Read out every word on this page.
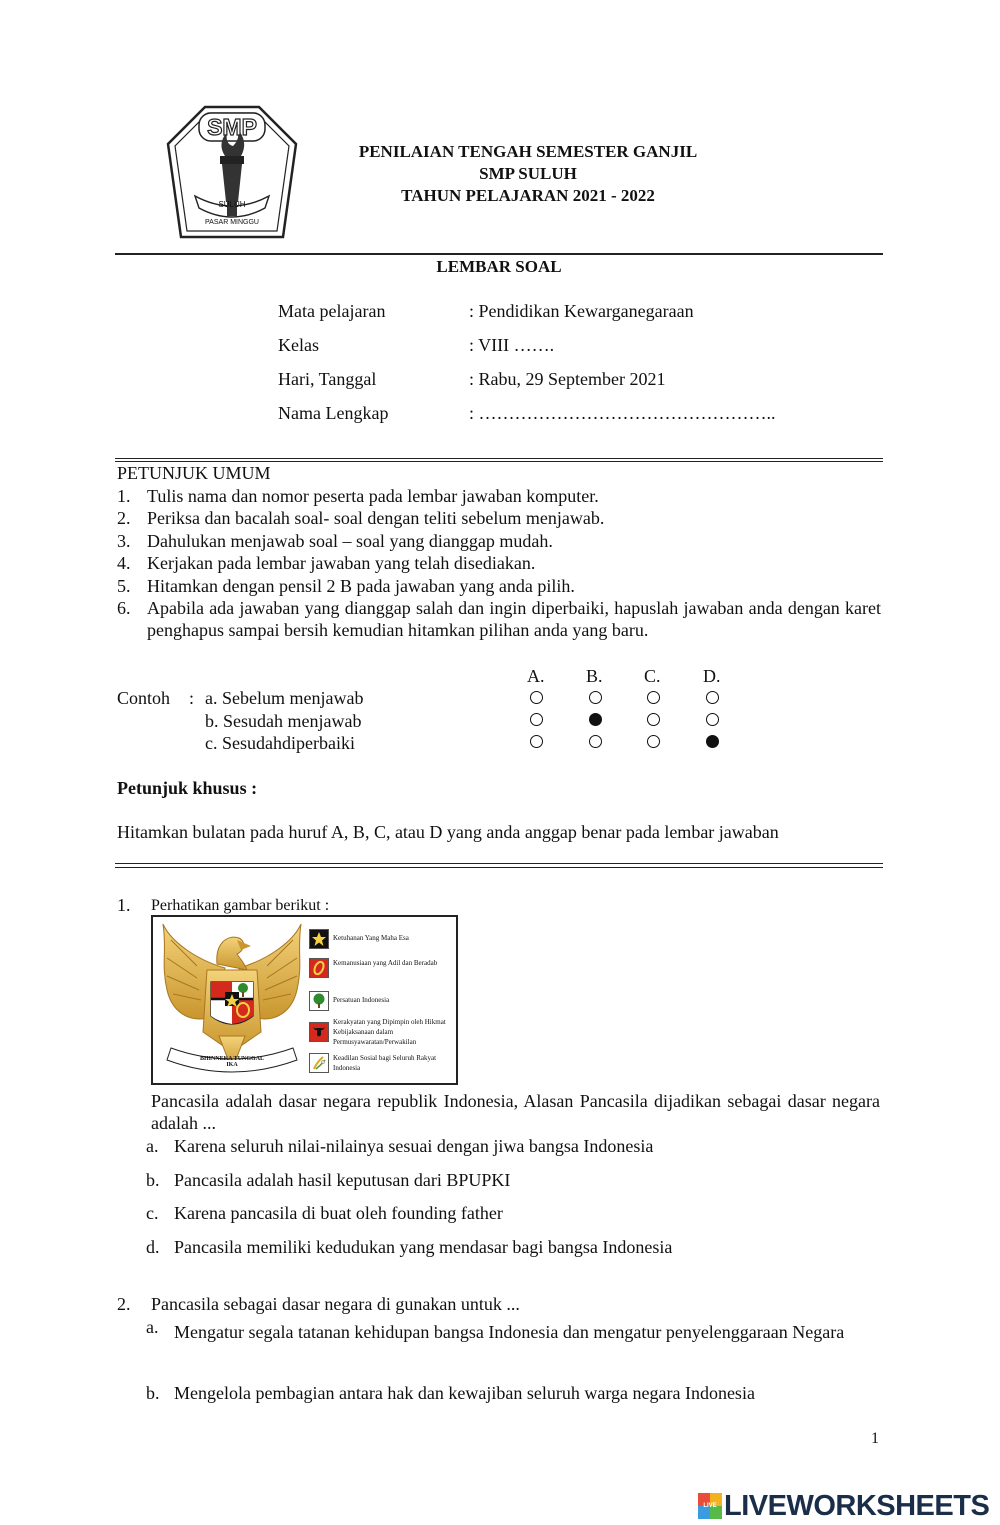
SMP
SULUH
PASAR MINGGU
PENILAIAN TENGAH SEMESTER GANJIL
SMP SULUH
TAHUN PELAJARAN 2021 - 2022
LEMBAR SOAL
Mata pelajaran	: Pendidikan Kewarganegaraan
Kelas	: VIII …….
Hari, Tanggal	: Rabu, 29 September 2021
Nama Lengkap	: …………………………………………..
PETUNJUK UMUM
1. Tulis nama dan nomor peserta pada lembar jawaban komputer.
2. Periksa dan bacalah soal- soal dengan teliti sebelum menjawab.
3. Dahulukan menjawab soal – soal yang dianggap mudah.
4. Kerjakan pada lembar jawaban yang telah disediakan.
5. Hitamkan dengan pensil 2 B pada jawaban yang anda pilih.
6. Apabila ada jawaban yang dianggap salah dan ingin diperbaiki, hapuslah jawaban anda dengan karet penghapus sampai bersih kemudian hitamkan pilihan anda yang baru.
A. B. C. D.
Contoh : a. Sebelum menjawab
b. Sesudah menjawab
c. Sesudahdiperbaiki
Petunjuk khusus :
Hitamkan bulatan pada huruf A, B, C, atau D yang anda anggap benar pada lembar jawaban
1. Perhatikan gambar berikut :
BHINNEKA TUNGGAL IKA
Ketuhanan Yang Maha Esa
Kemanusiaan yang Adil dan Beradab
Persatuan Indonesia
Kerakyatan yang Dipimpin oleh Hikmat Kebijaksanaan dalam Permusyawaratan/Perwakilan
Keadilan Sosial bagi Seluruh Rakyat Indonesia
Pancasila adalah dasar negara republik Indonesia, Alasan Pancasila dijadikan sebagai dasar negara adalah ...
a. Karena seluruh nilai-nilainya sesuai dengan jiwa bangsa Indonesia
b. Pancasila adalah hasil keputusan dari BPUPKI
c. Karena pancasila di buat oleh founding father
d. Pancasila memiliki kedudukan yang mendasar bagi bangsa Indonesia
2. Pancasila sebagai dasar negara di gunakan untuk ...
a. Mengatur segala tatanan kehidupan bangsa Indonesia dan mengatur penyelenggaraan Negara
b. Mengelola pembagian antara hak dan kewajiban seluruh warga negara Indonesia
1
LIVE LIVEWORKSHEETS
